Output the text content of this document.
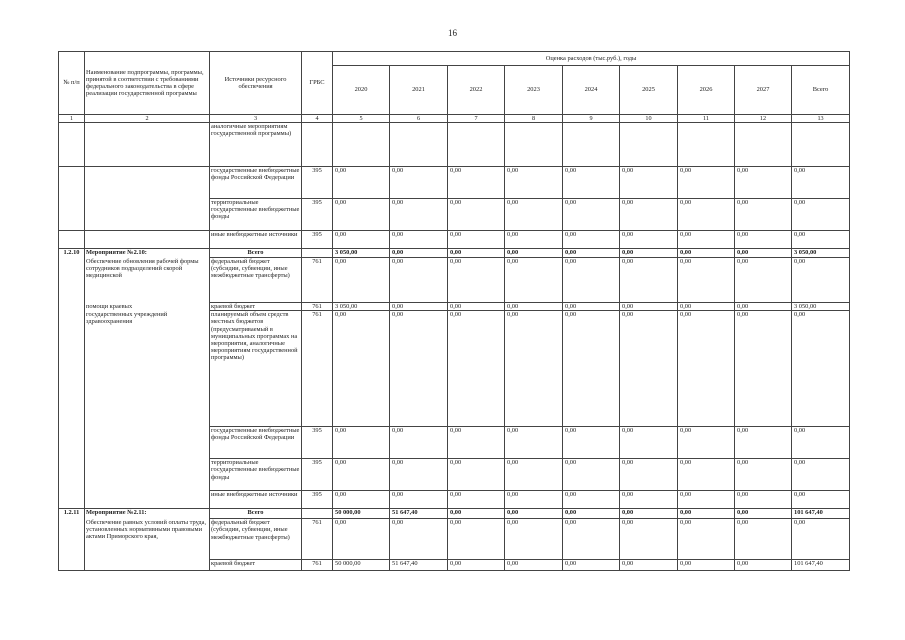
16
№ п/п	Наименование подпрограммы, программы, принятой в соответствии с требованиями федерального законодательства в сфере реализации государственной программы	Источники ресурсного обеспечения	ГРБС	Оценка расходов (тыс.руб.), годы								
				2020	2021	2022	2023	2024	2025	2026	2027	Всего
1	2	3	4	5	6	7	8	9	10	11	12	13
		аналогичные мероприятиям государственной программы)										
		государственные внебюджетные фонды Российской Федерации	395	0,00	0,00	0,00	0,00	0,00	0,00	0,00	0,00	0,00
		территориальные государственные внебюджетные фонды	395	0,00	0,00	0,00	0,00	0,00	0,00	0,00	0,00	0,00
		иные внебюджетные источники	395	0,00	0,00	0,00	0,00	0,00	0,00	0,00	0,00	0,00
1.2.10	Мероприятие №2.10:	Всего		3 050,00	0,00	0,00	0,00	0,00	0,00	0,00	0,00	3 050,00
	Обеспечение обновления рабочей формы сотрудников подразделений скорой медицинской	федеральный бюджет (субсидии, субвенции, иные межбюджетные трансферты)	761	0,00	0,00	0,00	0,00	0,00	0,00	0,00	0,00	0,00
	помощи краевых	краевой бюджет	761	3 050,00	0,00	0,00	0,00	0,00	0,00	0,00	0,00	3 050,00
	государственных учреждений здравоохранения	планируемый объем средств местных бюджетов (предусматриваемый в муниципальных программах на мероприятия, аналогичные мероприятиям государственной программы)	761	0,00	0,00	0,00	0,00	0,00	0,00	0,00	0,00	0,00
		государственные внебюджетные фонды Российской Федерации	395	0,00	0,00	0,00	0,00	0,00	0,00	0,00	0,00	0,00
		территориальные государственные внебюджетные фонды	395	0,00	0,00	0,00	0,00	0,00	0,00	0,00	0,00	0,00
		иные внебюджетные источники	395	0,00	0,00	0,00	0,00	0,00	0,00	0,00	0,00	0,00
1.2.11	Мероприятие №2.11:	Всего		50 000,00	51 647,40	0,00	0,00	0,00	0,00	0,00	0,00	101 647,40
	Обеспечение равных условий оплаты труда, установленных нормативными правовыми актами Приморского края,	федеральный бюджет (субсидии, субвенции, иные межбюджетные трансферты)	761	0,00	0,00	0,00	0,00	0,00	0,00	0,00	0,00	0,00
		краевой бюджет	761	50 000,00	51 647,40	0,00	0,00	0,00	0,00	0,00	0,00	101 647,40
